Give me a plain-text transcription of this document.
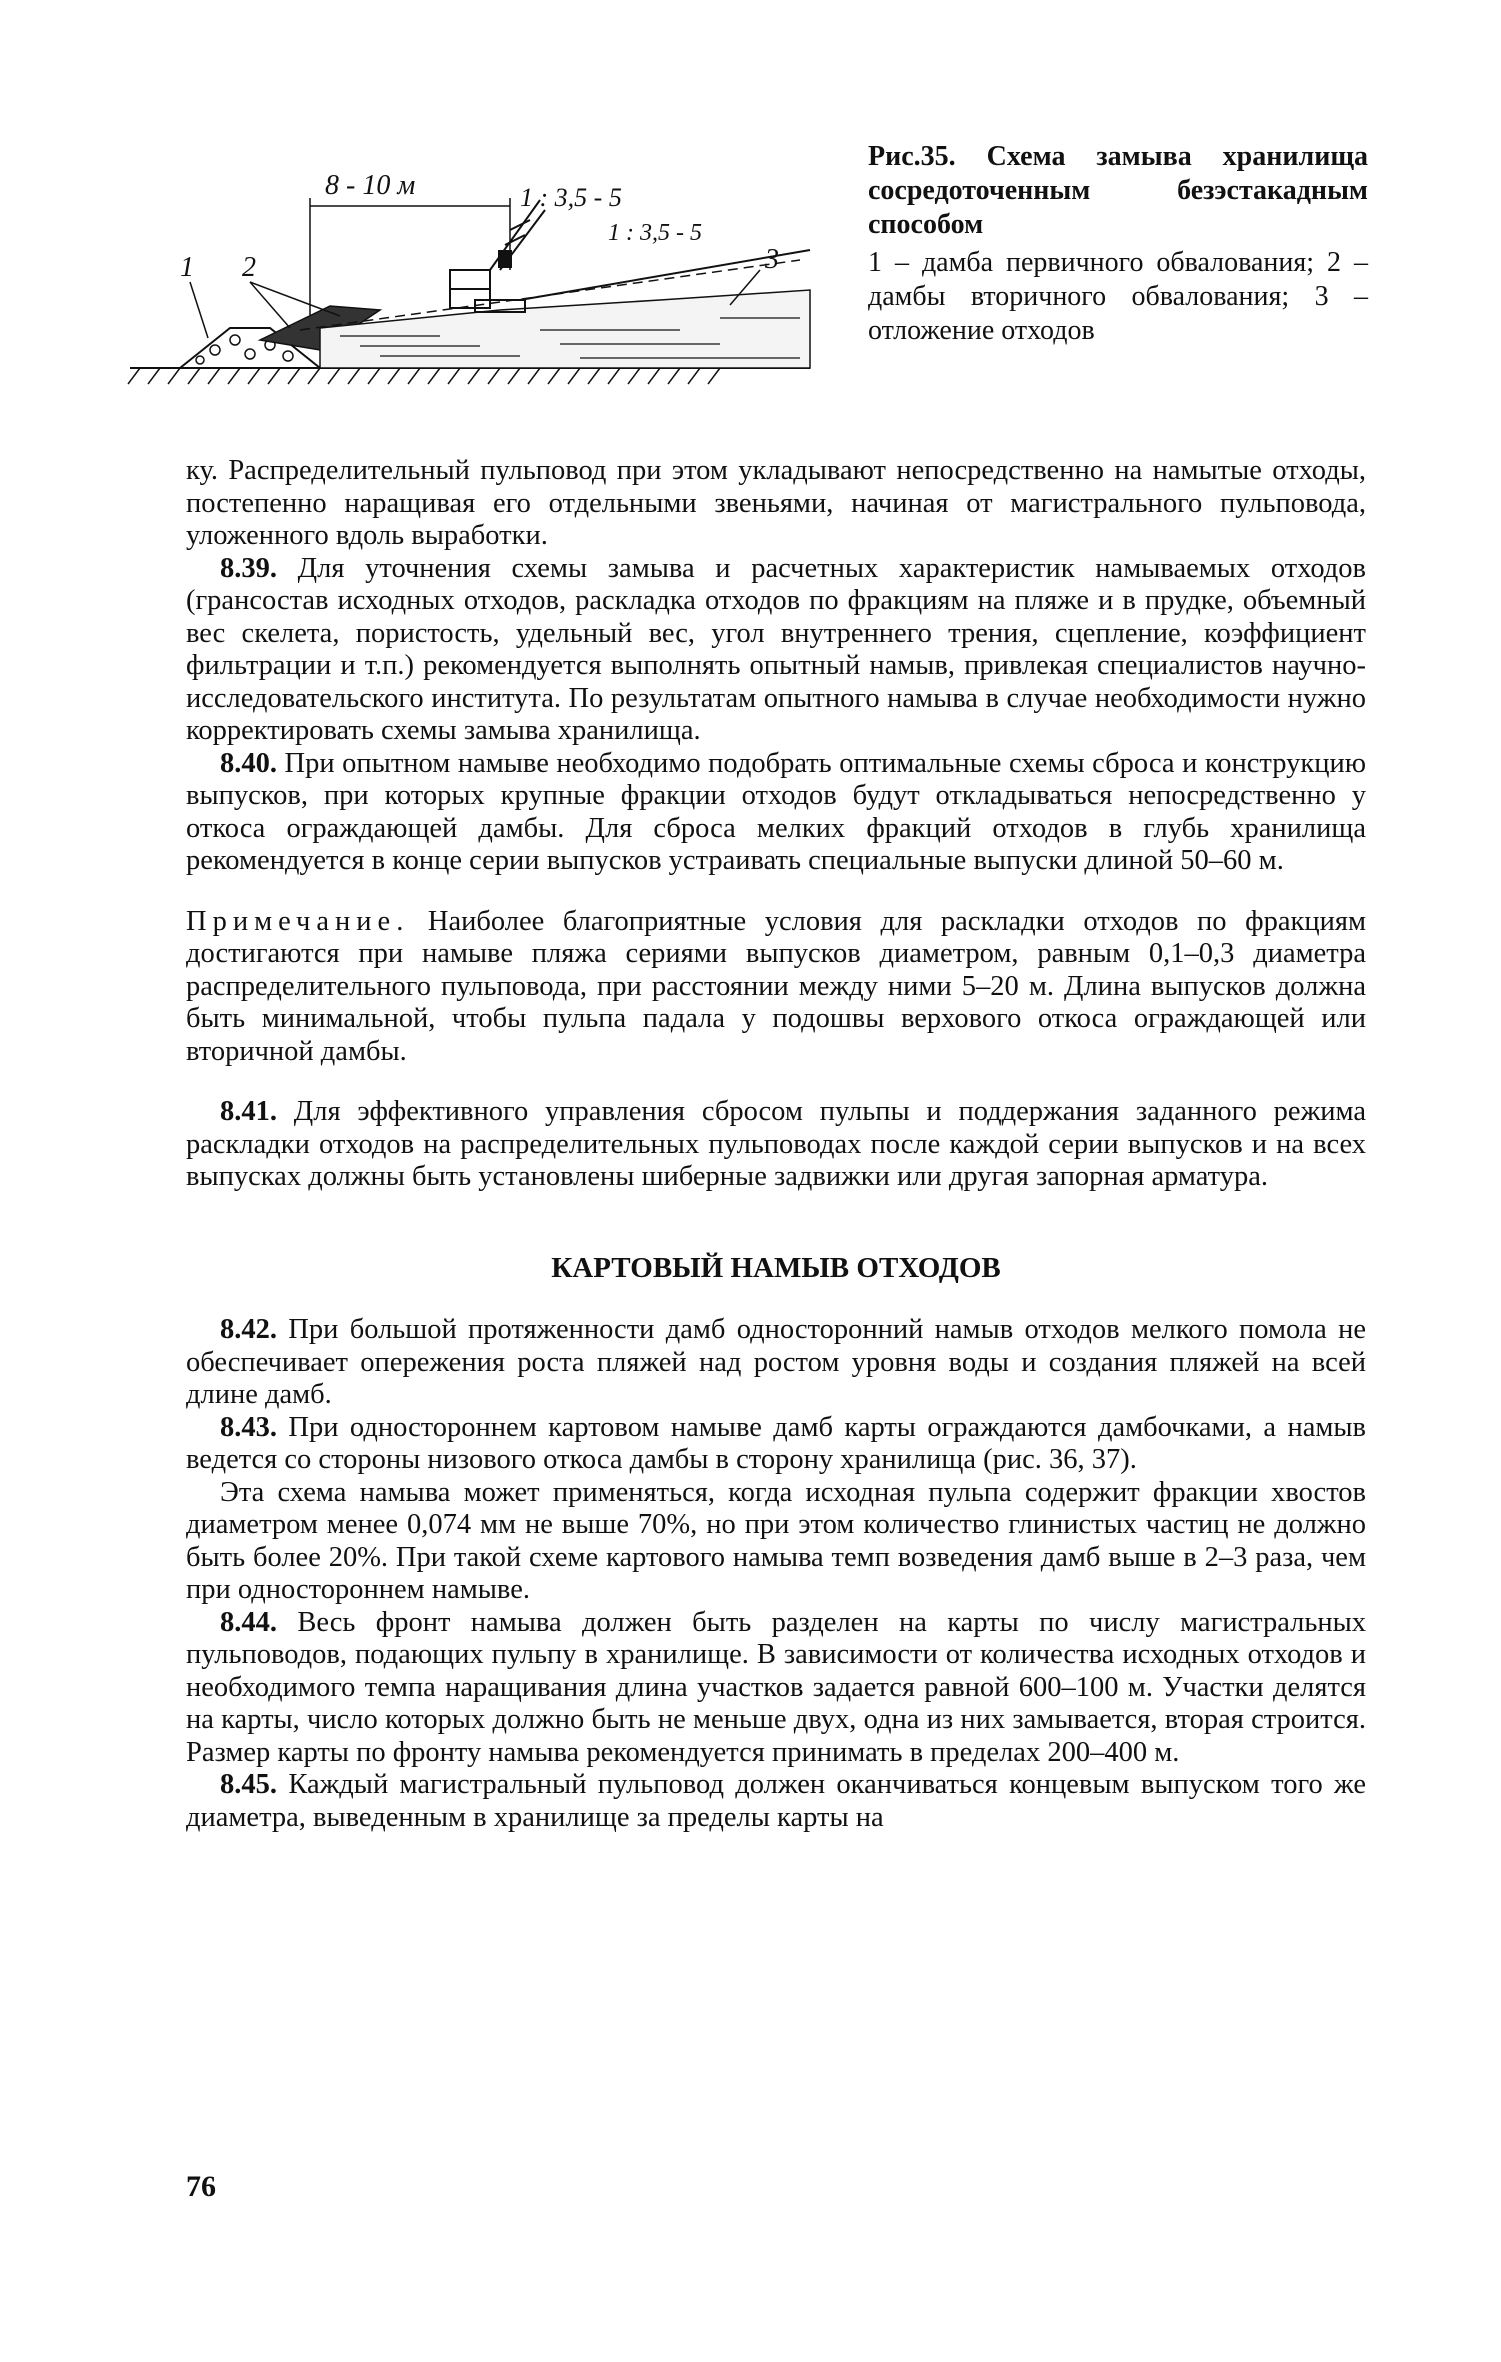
8 - 10 м	1 : 3,5 - 5
1 : 3,5 - 5
1 2	3

Рис.35. Схема замыва хранилища сосредоточенным безэстакадным способом

1 – дамба первичного обвалования; 2 – дамбы вторичного обвалования; 3 – отложение отходов

ку. Распределительный пульповод при этом укладывают непосредственно на намытые отходы, постепенно наращивая его отдельными звеньями, начиная от магистрального пульповода, уложенного вдоль выработки.

8.39. Для уточнения схемы замыва и расчетных характеристик намываемых отходов (грансостав исходных отходов, раскладка отходов по фракциям на пляже и в прудке, объемный вес скелета, пористость, удельный вес, угол внутреннего трения, сцепление, коэффициент фильтрации и т.п.) рекомендуется выполнять опытный намыв, привлекая специалистов научно-исследовательского института. По результатам опытного намыва в случае необходимости нужно корректировать схемы замыва хранилища.

8.40. При опытном намыве необходимо подобрать оптимальные схемы сброса и конструкцию выпусков, при которых крупные фракции отходов будут откладываться непосредственно у откоса ограждающей дамбы. Для сброса мелких фракций отходов в глубь хранилища рекомендуется в конце серии выпусков устраивать специальные выпуски длиной 50–60 м.

Примечание. Наиболее благоприятные условия для раскладки отходов по фракциям достигаются при намыве пляжа сериями выпусков диаметром, равным 0,1–0,3 диаметра распределительного пульповода, при расстоянии между ними 5–20 м. Длина выпусков должна быть минимальной, чтобы пульпа падала у подошвы верхового откоса ограждающей или вторичной дамбы.

8.41. Для эффективного управления сбросом пульпы и поддержания заданного режима раскладки отходов на распределительных пульповодах после каждой серии выпусков и на всех выпусках должны быть установлены шиберные задвижки или другая запорная арматура.

КАРТОВЫЙ НАМЫВ ОТХОДОВ

8.42. При большой протяженности дамб односторонний намыв отходов мелкого помола не обеспечивает опережения роста пляжей над ростом уровня воды и создания пляжей на всей длине дамб.

8.43. При одностороннем картовом намыве дамб карты ограждаются дамбочками, а намыв ведется со стороны низового откоса дамбы в сторону хранилища (рис. 36, 37).

Эта схема намыва может применяться, когда исходная пульпа содержит фракции хвостов диаметром менее 0,074 мм не выше 70%, но при этом количество глинистых частиц не должно быть более 20%. При такой схеме картового намыва темп возведения дамб выше в 2–3 раза, чем при одностороннем намыве.

8.44. Весь фронт намыва должен быть разделен на карты по числу магистральных пульповодов, подающих пульпу в хранилище. В зависимости от количества исходных отходов и необходимого темпа наращивания длина участков задается равной 600–100 м. Участки делятся на карты, число которых должно быть не меньше двух, одна из них замывается, вторая строится. Размер карты по фронту намыва рекомендуется принимать в пределах 200–400 м.

8.45. Каждый магистральный пульповод должен оканчиваться концевым выпуском того же диаметра, выведенным в хранилище за пределы карты на

76
